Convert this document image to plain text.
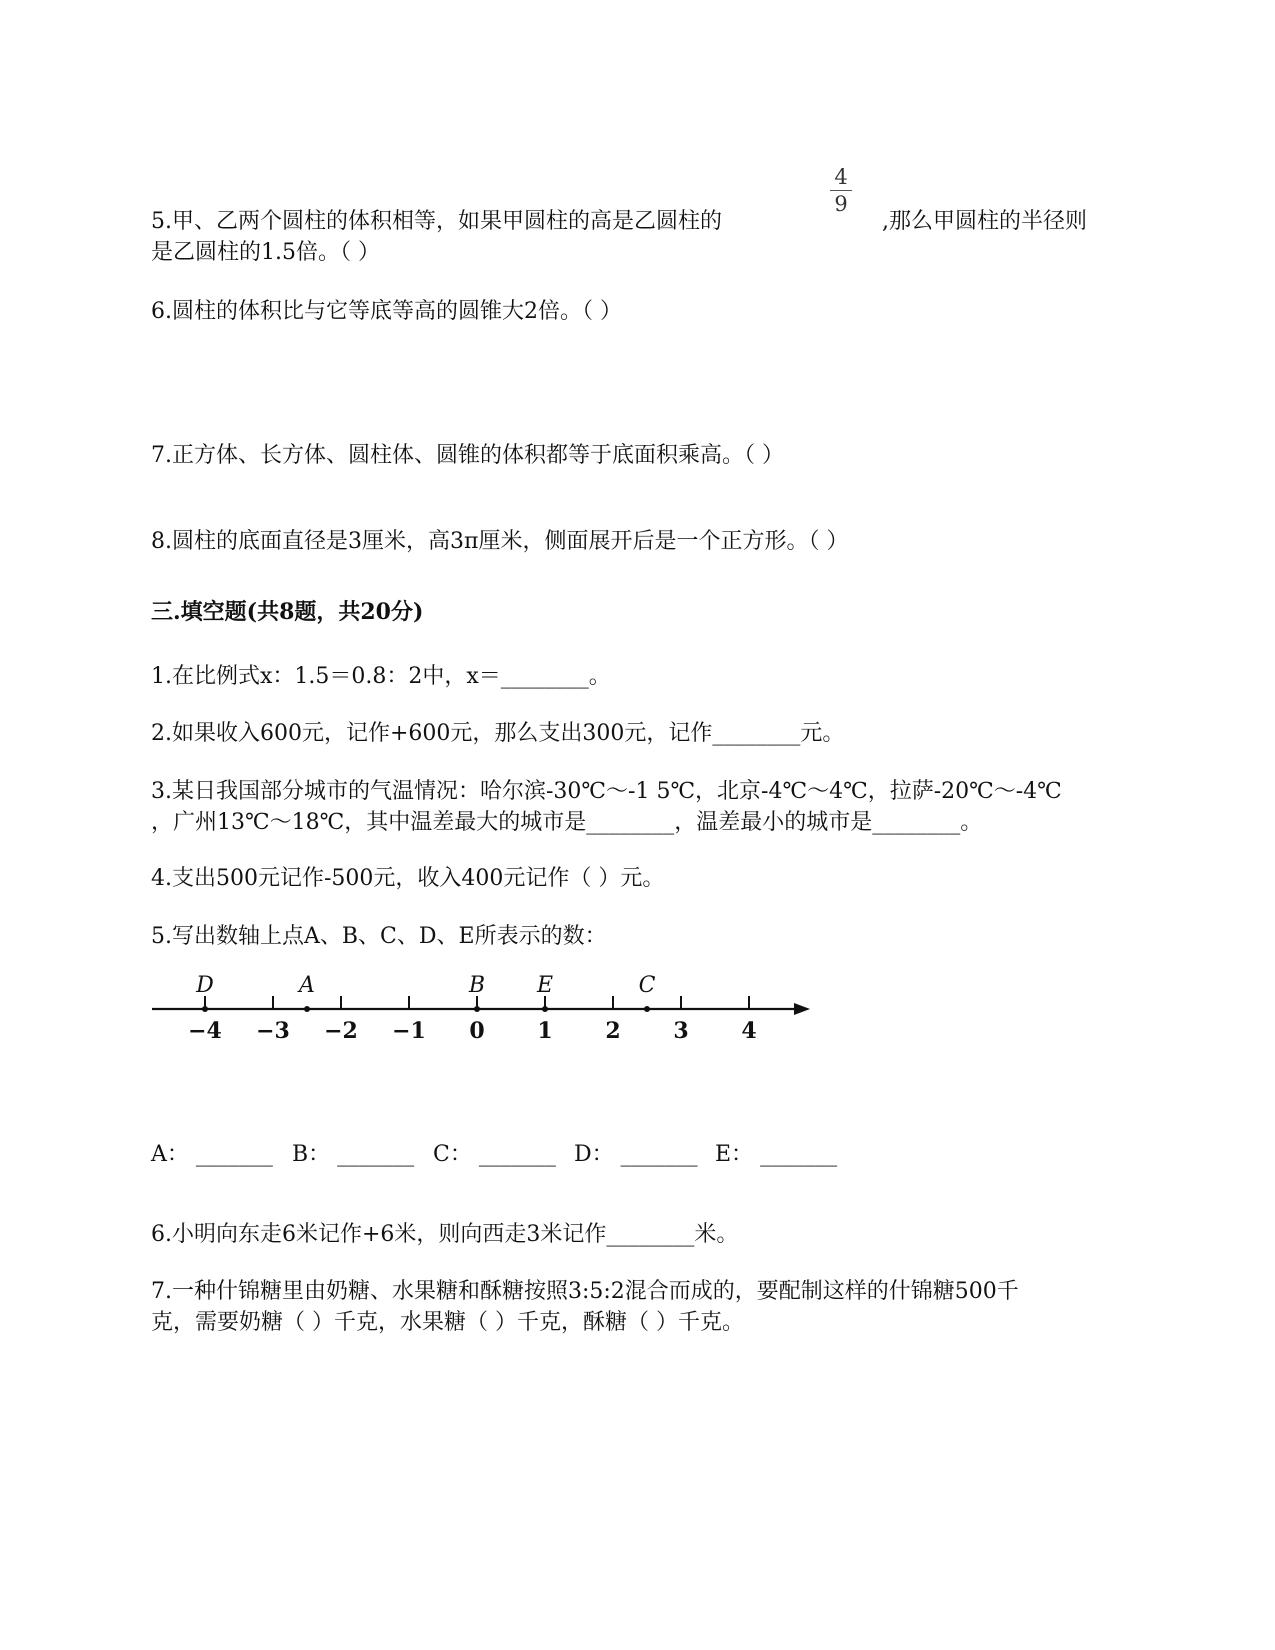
5.甲、乙两个圆柱的体积相等，如果甲圆柱的高是乙圆柱的
4
9
,那么甲圆柱的半径则
是乙圆柱的1.5倍。（ ）
6.圆柱的体积比与它等底等高的圆锥大2倍。（ ）
7.正方体、长方体、圆柱体、圆锥的体积都等于底面积乘高。（ ）
8.圆柱的底面直径是3厘米，高3π厘米，侧面展开后是一个正方形。（ ）
三.填空题(共8题，共20分)
1.在比例式x：1.5＝0.8：2中，x＝________。
2.如果收入600元，记作+600元，那么支出300元，记作________元。
3.某日我国部分城市的气温情况：哈尔滨-30℃～-1 5℃，北京-4℃～4℃，拉萨-20℃～-4℃
，广州13℃～18℃，其中温差最大的城市是________，温差最小的城市是________。
4.支出500元记作-500元，收入400元记作（ ）元。
5.写出数轴上点A、B、C、D、E所表示的数：
−4 −3 −2 −1 0 1 2 3 4
D	A	B E	C
A： _______ B： _______ C： _______ D： _______ E： _______
6.小明向东走6米记作+6米，则向西走3米记作________米。
7.一种什锦糖里由奶糖、水果糖和酥糖按照3:5:2混合而成的，要配制这样的什锦糖500千
克，需要奶糖（ ）千克，水果糖（ ）千克，酥糖（ ）千克。
